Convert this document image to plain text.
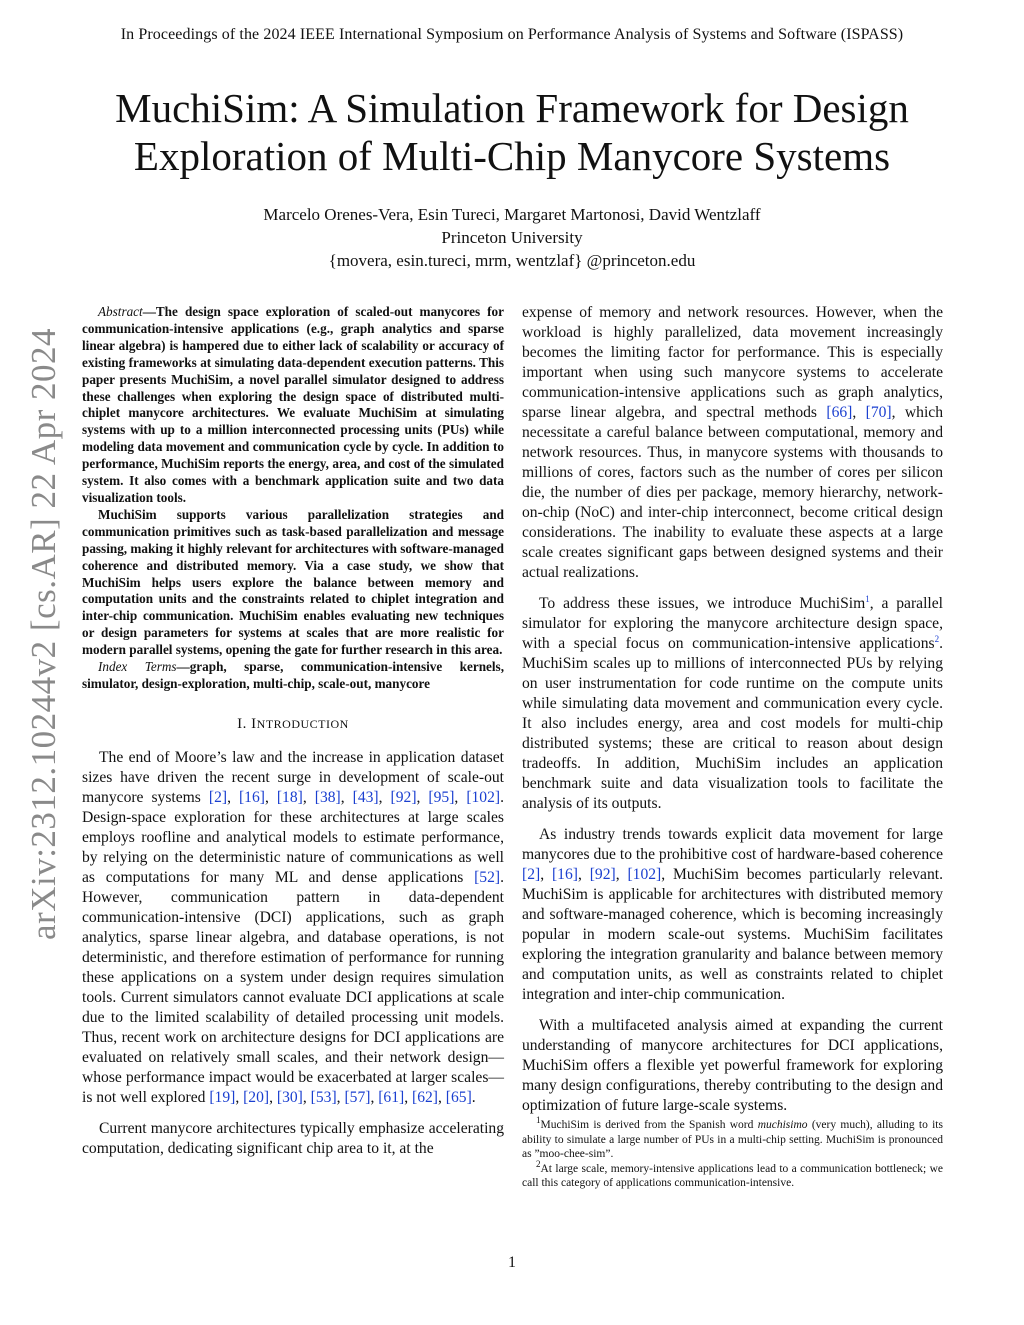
In Proceedings of the 2024 IEEE International Symposium on Performance Analysis of Systems and Software (ISPASS)
MuchiSim: A Simulation Framework for Design
Exploration of Multi-Chip Manycore Systems
Marcelo Orenes-Vera, Esin Tureci, Margaret Martonosi, David Wentzlaff
Princeton University
{movera, esin.tureci, mrm, wentzlaf} @princeton.edu
arXiv:2312.10244v2 [cs.AR] 22 Apr 2024

Abstract—The design space exploration of scaled-out manycores for communication-intensive applications (e.g., graph analytics and sparse linear algebra) is hampered due to either lack of scalability or accuracy of existing frameworks at simulating data-dependent execution patterns. This paper presents MuchiSim, a novel parallel simulator designed to address these challenges when exploring the design space of distributed multi-chiplet manycore architectures. We evaluate MuchiSim at simulating systems with up to a million interconnected processing units (PUs) while modeling data movement and communication cycle by cycle. In addition to performance, MuchiSim reports the energy, area, and cost of the simulated system. It also comes with a benchmark application suite and two data visualization tools.

MuchiSim supports various parallelization strategies and communication primitives such as task-based parallelization and message passing, making it highly relevant for architectures with software-managed coherence and distributed memory. Via a case study, we show that MuchiSim helps users explore the balance between memory and computation units and the constraints related to chiplet integration and inter-chip communication. MuchiSim enables evaluating new techniques or design parameters for systems at scales that are more realistic for modern parallel systems, opening the gate for further research in this area.

Index Terms—graph, sparse, communication-intensive kernels, simulator, design-exploration, multi-chip, scale-out, manycore

I. INTRODUCTION

The end of Moore’s law and the increase in application dataset sizes have driven the recent surge in development of scale-out manycore systems [2], [16], [18], [38], [43], [92], [95], [102]. Design-space exploration for these architectures at large scales employs roofline and analytical models to estimate performance, by relying on the deterministic nature of communications as well as computations for many ML and dense applications [52]. However, communication pattern in data-dependent communication-intensive (DCI) applications, such as graph analytics, sparse linear algebra, and database operations, is not deterministic, and therefore estimation of performance for running these applications on a system under design requires simulation tools. Current simulators cannot evaluate DCI applications at scale due to the limited scalability of detailed processing unit models. Thus, recent work on architecture designs for DCI applications are evaluated on relatively small scales, and their network design—whose performance impact would be exacerbated at larger scales—is not well explored [19], [20], [30], [53], [57], [61], [62], [65].

Current manycore architectures typically emphasize accelerating computation, dedicating significant chip area to it, at the

expense of memory and network resources. However, when the workload is highly parallelized, data movement increasingly becomes the limiting factor for performance. This is especially important when using such manycore systems to accelerate communication-intensive applications such as graph analytics, sparse linear algebra, and spectral methods [66], [70], which necessitate a careful balance between computational, memory and network resources. Thus, in manycore systems with thousands to millions of cores, factors such as the number of cores per silicon die, the number of dies per package, memory hierarchy, network-on-chip (NoC) and inter-chip interconnect, become critical design considerations. The inability to evaluate these aspects at a large scale creates significant gaps between designed systems and their actual realizations.

To address these issues, we introduce MuchiSim$^1$, a parallel simulator for exploring the manycore architecture design space, with a special focus on communication-intensive applications$^2$. MuchiSim scales up to millions of interconnected PUs by relying on user instrumentation for code runtime on the compute units while simulating data movement and communication every cycle. It also includes energy, area and cost models for multi-chip distributed systems; these are critical to reason about design tradeoffs. In addition, MuchiSim includes an application benchmark suite and data visualization tools to facilitate the analysis of its outputs.

As industry trends towards explicit data movement for large manycores due to the prohibitive cost of hardware-based coherence [2], [16], [92], [102], MuchiSim becomes particularly relevant. MuchiSim is applicable for architectures with distributed memory and software-managed coherence, which is becoming increasingly popular in modern scale-out systems. MuchiSim facilitates exploring the integration granularity and balance between memory and computation units, as well as constraints related to chiplet integration and inter-chip communication.

With a multifaceted analysis aimed at expanding the current understanding of manycore architectures for DCI applications, MuchiSim offers a flexible yet powerful framework for exploring many design configurations, thereby contributing to the design and optimization of future large-scale systems.

$^1$MuchiSim is derived from the Spanish word muchisimo (very much), alluding to its ability to simulate a large number of PUs in a multi-chip setting. MuchiSim is pronounced as ”moo-chee-sim”.

$^2$At large scale, memory-intensive applications lead to a communication bottleneck; we call this category of applications communication-intensive.

1
